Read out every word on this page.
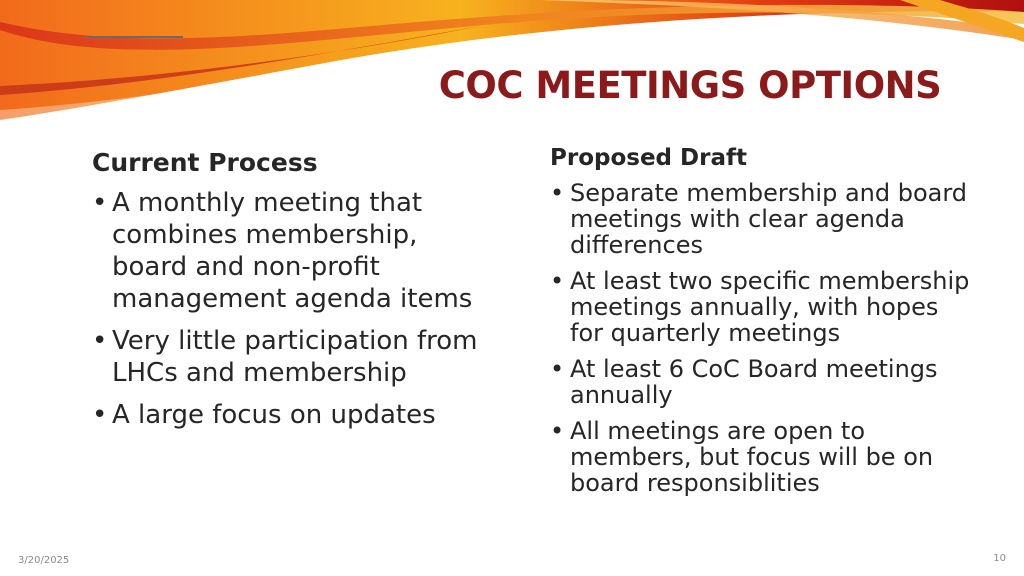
COC MEETINGS OPTIONS
Current Process
• A monthly meeting that combines membership, board and non-profit management agenda items
• Very little participation from LHCs and membership
• A large focus on updates
Proposed Draft
• Separate membership and board meetings with clear agenda differences
• At least two specific membership meetings annually, with hopes for quarterly meetings
• At least 6 CoC Board meetings annually
• All meetings are open to members, but focus will be on board responsiblities
3/20/2025	10
